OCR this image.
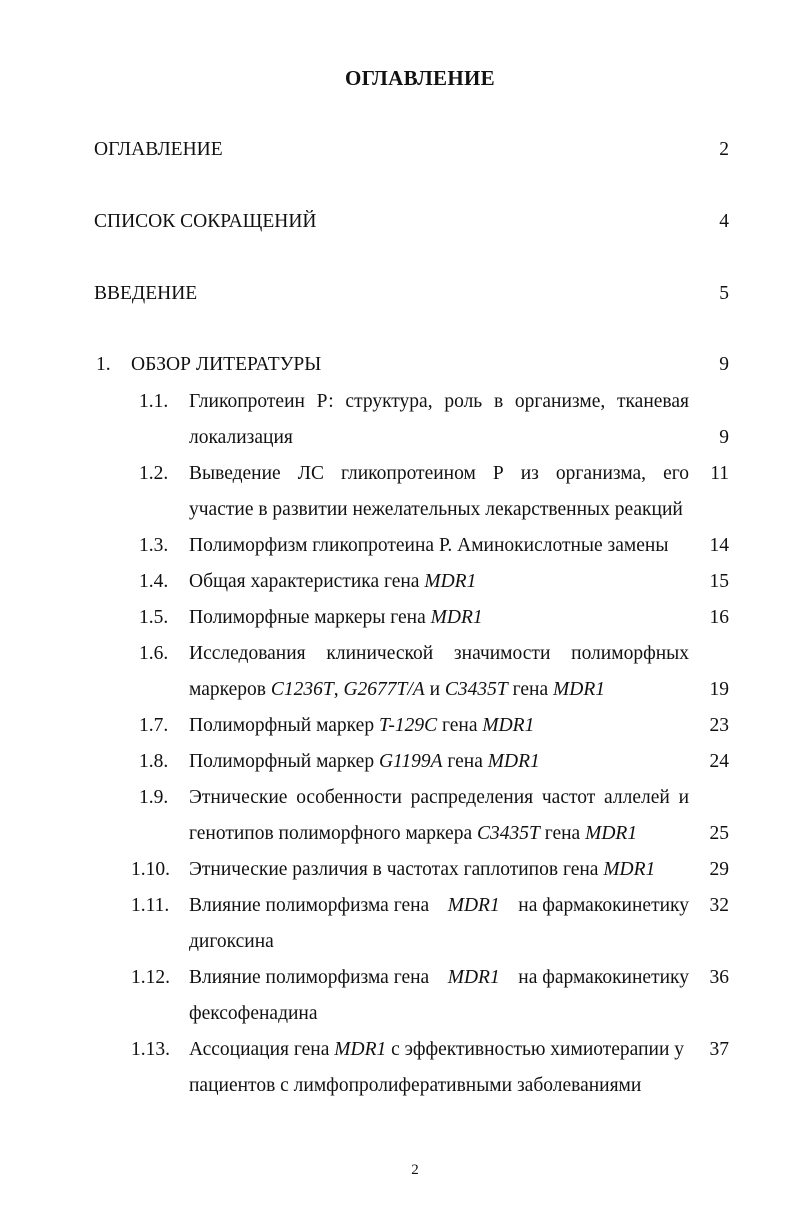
ОГЛАВЛЕНИЕ
ОГЛАВЛЕНИЕ	2
СПИСОК СОКРАЩЕНИЙ	4
ВВЕДЕНИЕ	5
1. ОБЗОР ЛИТЕРАТУРЫ	9
1.1. Гликопротеин Р: структура, роль в организме, тканевая
локализация	9
1.2. Выведение ЛС гликопротеином Р из организма, его 11
участие в развитии нежелательных лекарственных реакций
1.3. Полиморфизм гликопротеина Р. Аминокислотные замены 14
1.4. Общая характеристика гена MDR1	15
1.5. Полиморфные маркеры гена MDR1	16
1.6. Исследования клинической значимости полиморфных
маркеров C1236T, G2677T/A и C3435T гена MDR1	19
1.7. Полиморфный маркер T-129C гена MDR1	23
1.8. Полиморфный маркер G1199A гена MDR1	24
1.9. Этнические особенности распределения частот аллелей и
генотипов полиморфного маркера C3435T гена MDR1	25
1.10. Этнические различия в частотах гаплотипов гена MDR1	29
1.11. Влияние полиморфизма гена MDR1 на фармакокинетику 32
дигоксина
1.12. Влияние полиморфизма гена MDR1 на фармакокинетику 36
фексофенадина
1.13. Ассоциация гена MDR1 с эффективностью химиотерапии у 37
пациентов с лимфопролиферативными заболеваниями
2
